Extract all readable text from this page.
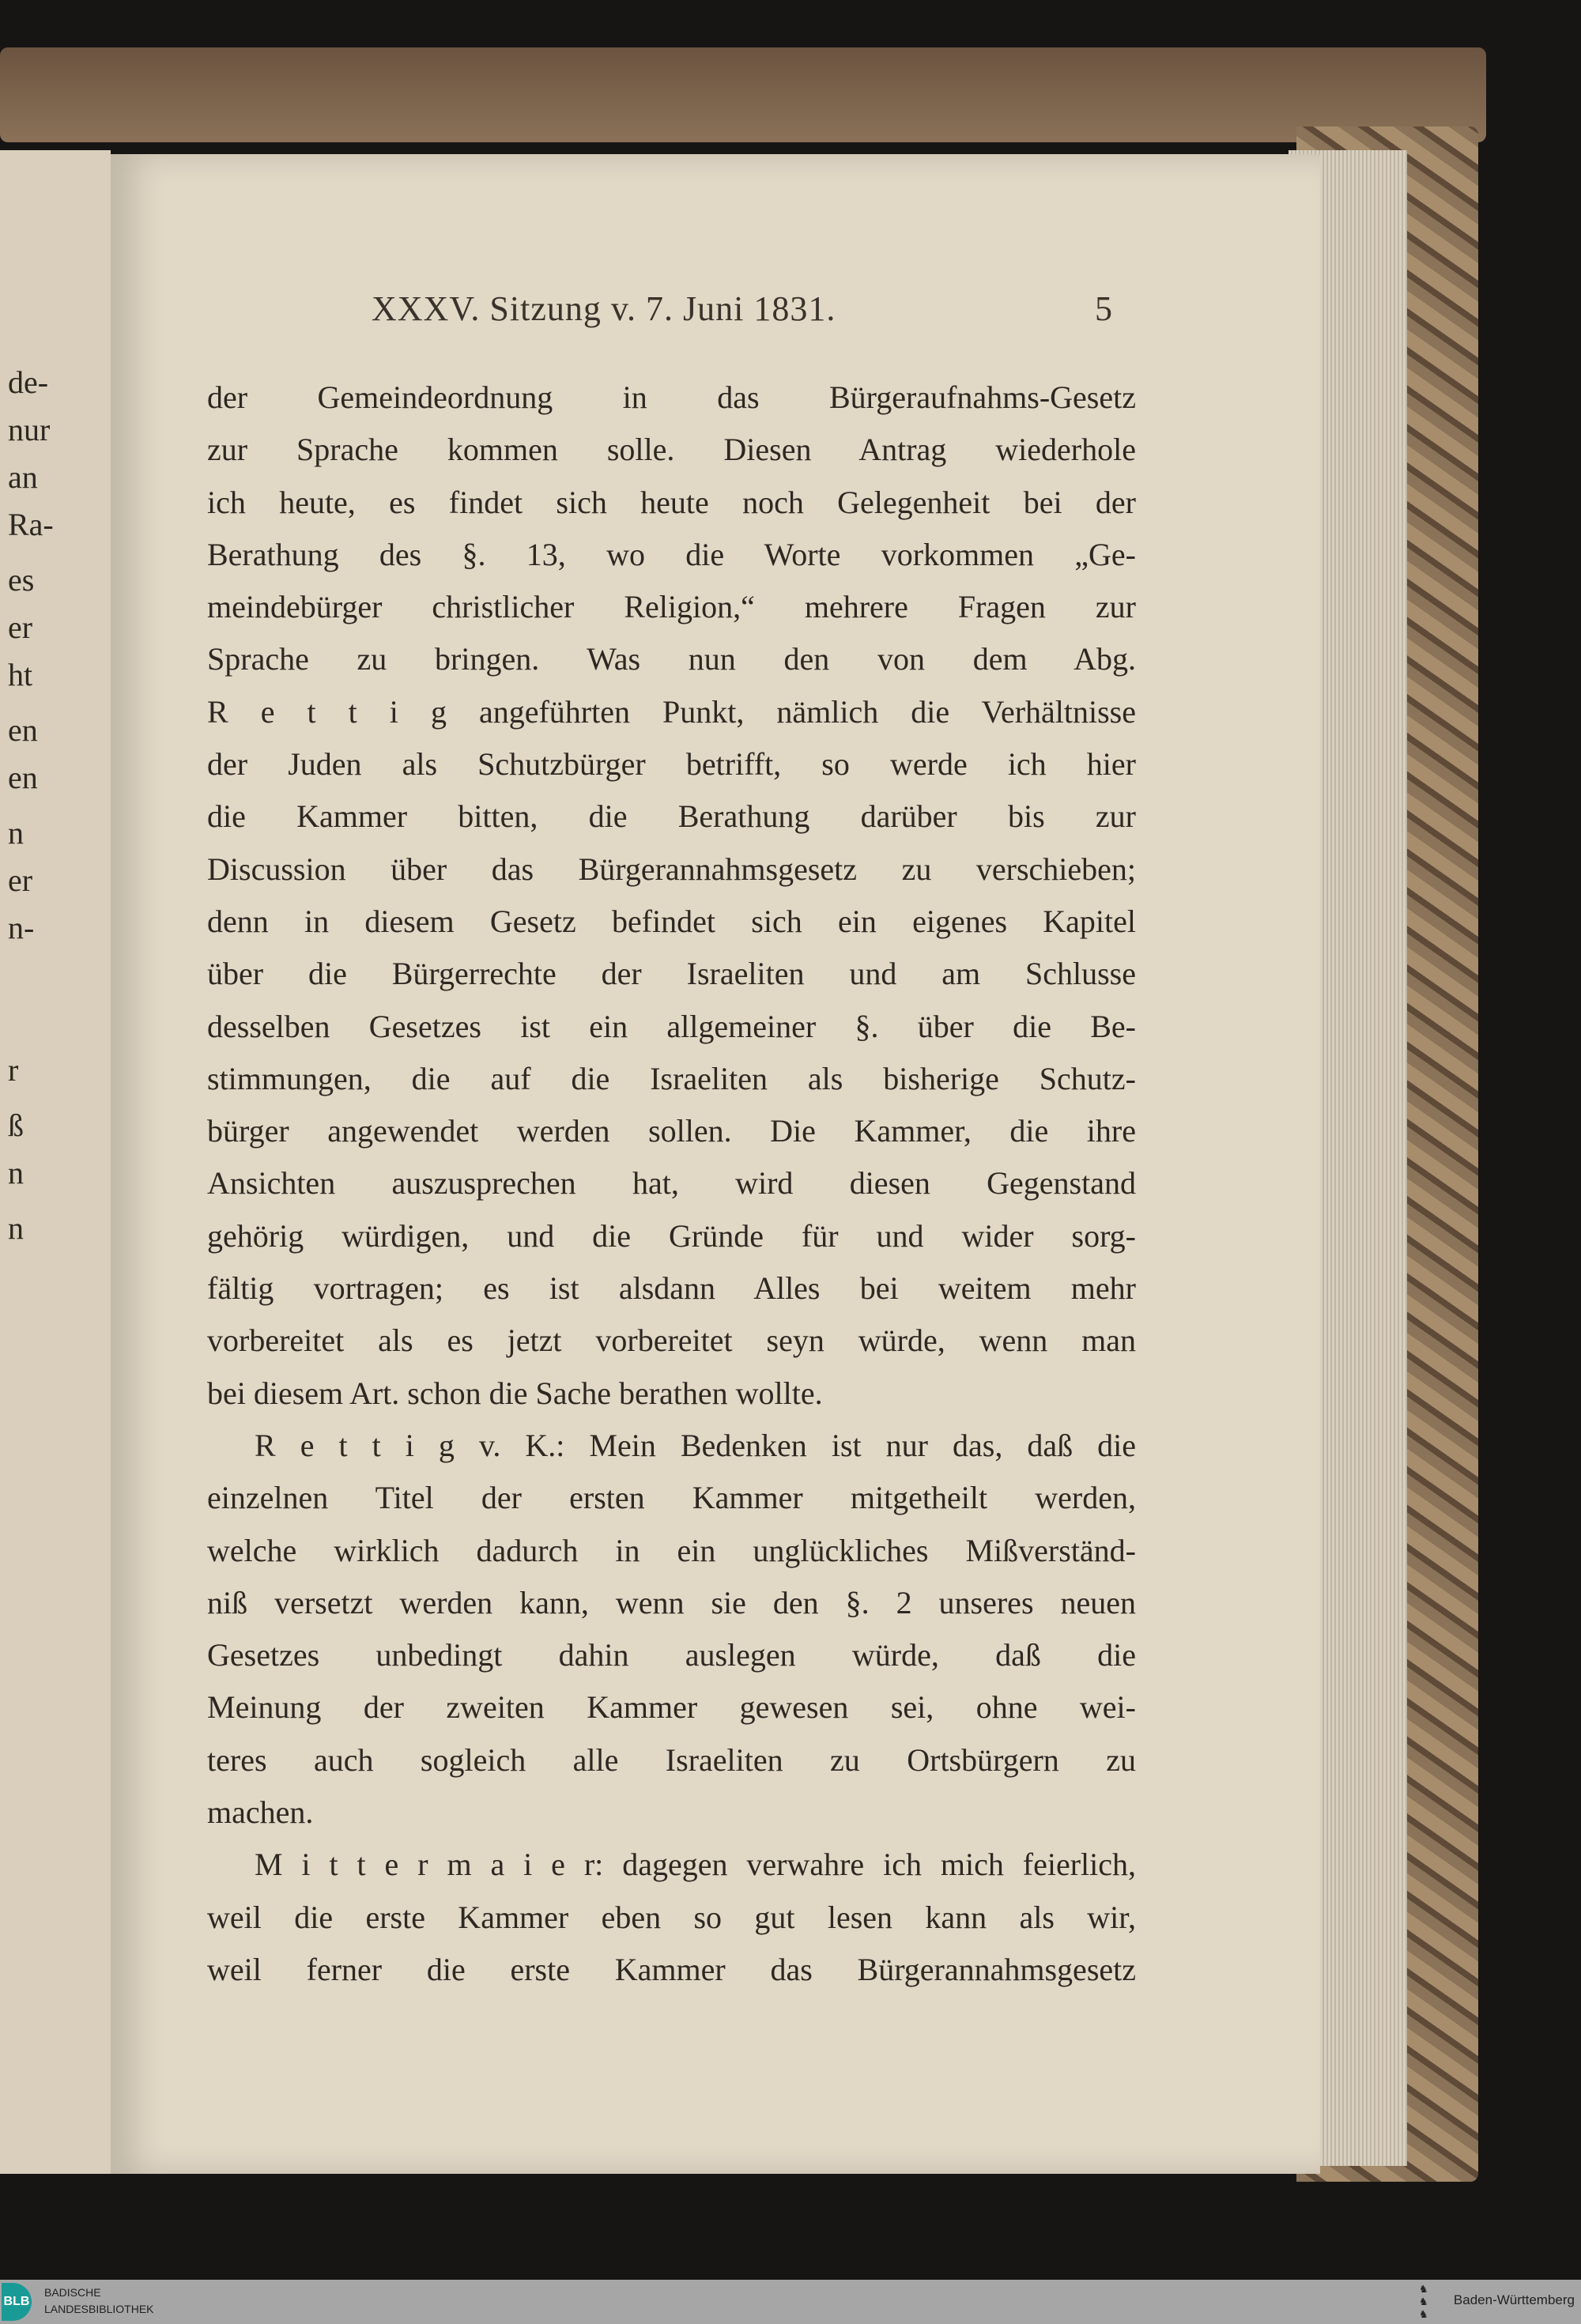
de-
nur
an
Ra-
es
er
ht
en
en
n
er
n-
r
ß
n
n
XXXV. Sitzung v. 7. Juni 1831.	5
der Gemeindeordnung in das Bürgeraufnahms-Gesetz
zur Sprache kommen solle. Diesen Antrag wiederhole
ich heute, es findet sich heute noch Gelegenheit bei der
Berathung des §. 13, wo die Worte vorkommen „Ge-
meindebürger christlicher Religion,“ mehrere Fragen zur
Sprache zu bringen. Was nun den von dem Abg.
R e t t i g angeführten Punkt, nämlich die Verhältnisse
der Juden als Schutzbürger betrifft, so werde ich hier
die Kammer bitten, die Berathung darüber bis zur
Discussion über das Bürgerannahmsgesetz zu verschieben;
denn in diesem Gesetz befindet sich ein eigenes Kapitel
über die Bürgerrechte der Israeliten und am Schlusse
desselben Gesetzes ist ein allgemeiner §. über die Be-
stimmungen, die auf die Israeliten als bisherige Schutz-
bürger angewendet werden sollen. Die Kammer, die ihre
Ansichten auszusprechen hat, wird diesen Gegenstand
gehörig würdigen, und die Gründe für und wider sorg-
fältig vortragen; es ist alsdann Alles bei weitem mehr
vorbereitet als es jetzt vorbereitet seyn würde, wenn man
bei diesem Art. schon die Sache berathen wollte.
R e t t i g v. K.: Mein Bedenken ist nur das, daß die
einzelnen Titel der ersten Kammer mitgetheilt werden,
welche wirklich dadurch in ein unglückliches Mißverständ-
niß versetzt werden kann, wenn sie den §. 2 unseres neuen
Gesetzes unbedingt dahin auslegen würde, daß die
Meinung der zweiten Kammer gewesen sei, ohne wei-
teres auch sogleich alle Israeliten zu Ortsbürgern zu
machen.
M i t t e r m a i e r: dagegen verwahre ich mich feierlich,
weil die erste Kammer eben so gut lesen kann als wir,
weil ferner die erste Kammer das Bürgerannahmsgesetz
BLB
BADISCHE
LANDESBIBLIOTHEK
♞
♞
♞
Baden-Württemberg
